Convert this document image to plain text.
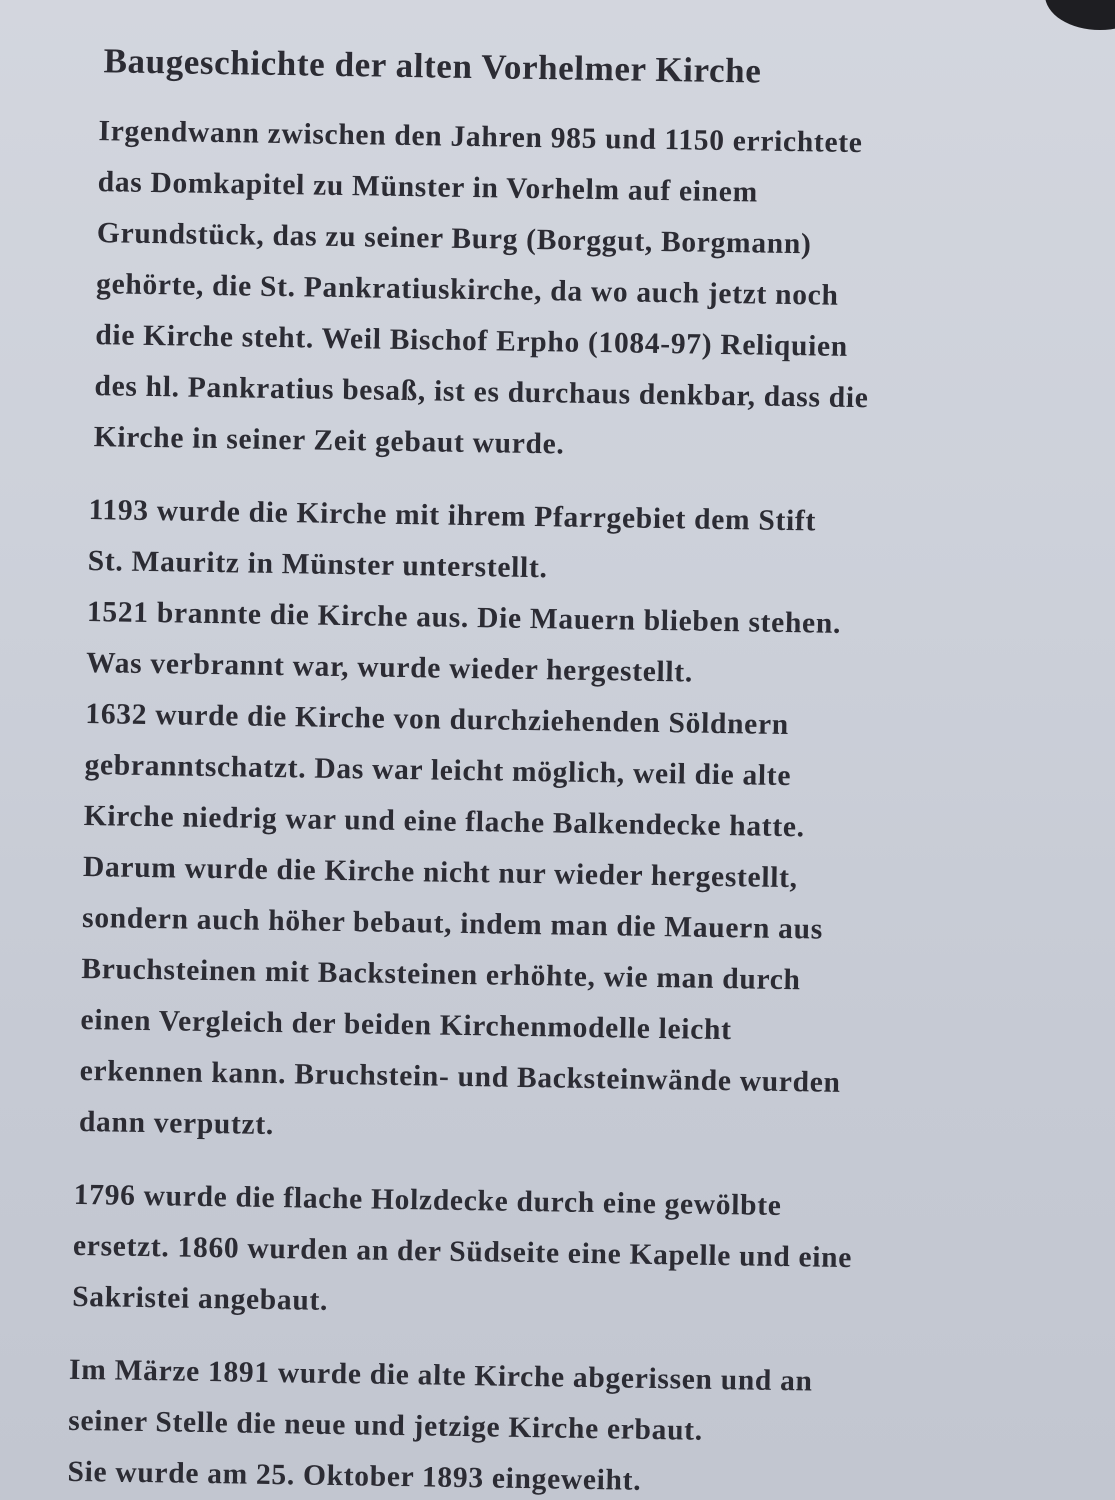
Baugeschichte der alten Vorhelmer Kirche

Irgendwann zwischen den Jahren 985 und 1150 errichtete
das Domkapitel zu Münster in Vorhelm auf einem
Grundstück, das zu seiner Burg (Borggut, Borgmann)
gehörte, die St. Pankratiuskirche, da wo auch jetzt noch
die Kirche steht. Weil Bischof Erpho (1084-97) Reliquien
des hl. Pankratius besaß, ist es durchaus denkbar, dass die
Kirche in seiner Zeit gebaut wurde.

1193 wurde die Kirche mit ihrem Pfarrgebiet dem Stift
St. Mauritz in Münster unterstellt.
1521 brannte die Kirche aus. Die Mauern blieben stehen.
Was verbrannt war, wurde wieder hergestellt.
1632 wurde die Kirche von durchziehenden Söldnern
gebranntschatzt. Das war leicht möglich, weil die alte
Kirche niedrig war und eine flache Balkendecke hatte.
Darum wurde die Kirche nicht nur wieder hergestellt,
sondern auch höher bebaut, indem man die Mauern aus
Bruchsteinen mit Backsteinen erhöhte, wie man durch
einen Vergleich der beiden Kirchenmodelle leicht
erkennen kann. Bruchstein- und Backsteinwände wurden
dann verputzt.

1796 wurde die flache Holzdecke durch eine gewölbte
ersetzt. 1860 wurden an der Südseite eine Kapelle und eine
Sakristei angebaut.

Im Märze 1891 wurde die alte Kirche abgerissen und an
seiner Stelle die neue und jetzige Kirche erbaut.
Sie wurde am 25. Oktober 1893 eingeweiht.
